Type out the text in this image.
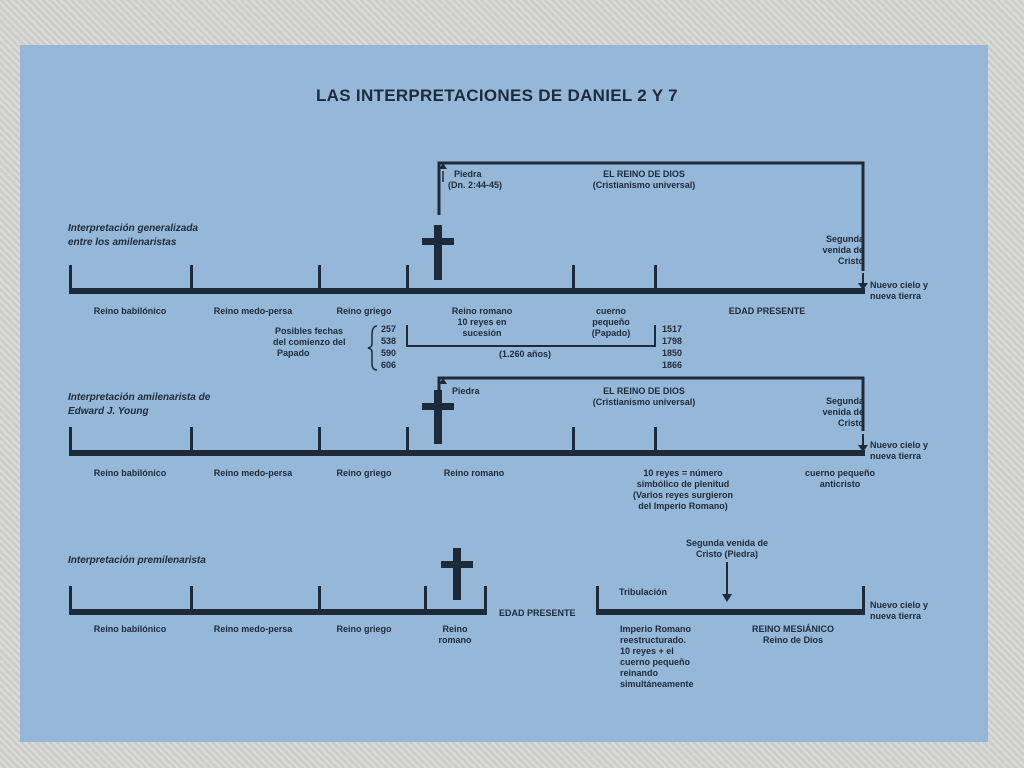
LAS INTERPRETACIONES DE DANIEL 2 Y 7
Interpretación generalizada
entre los amilenaristas
Piedra
(Dn. 2:44-45)
EL REINO DE DIOS
(Cristianismo universal)
Segunda
venida de
Cristo
Nuevo cielo y
nueva tierra
Reino babilónico	Reino medo-persa	Reino griego	Reino romano
10 reyes en
sucesión
cuerno
pequeño
(Papado)
EDAD PRESENTE
Posibles fechas
del comienzo del
Papado
257
538
590
606
(1.260 años)
1517
1798
1850
1866
Interpretación amilenarista de
Edward J. Young
Piedra	EL REINO DE DIOS
(Cristianismo universal)	Segunda
venida de
Cristo
Nuevo cielo y
nueva tierra
Reino babilónico	Reino medo-persa	Reino griego	Reino romano	10 reyes = número
simbólico de plenitud
(Varios reyes surgieron
del Imperio Romano)
cuerno pequeño
anticristo
Interpretación premilenarista
Segunda venida de
Cristo (Piedra)
Tribulación
EDAD PRESENTE
Nuevo cielo y
nueva tierra
Reino babilónico	Reino medo-persa	Reino griego	Reino
romano
Imperio Romano
reestructurado.
10 reyes + el
cuerno pequeño
reinando
simultáneamente
REINO MESIÁNICO
Reino de Dios
